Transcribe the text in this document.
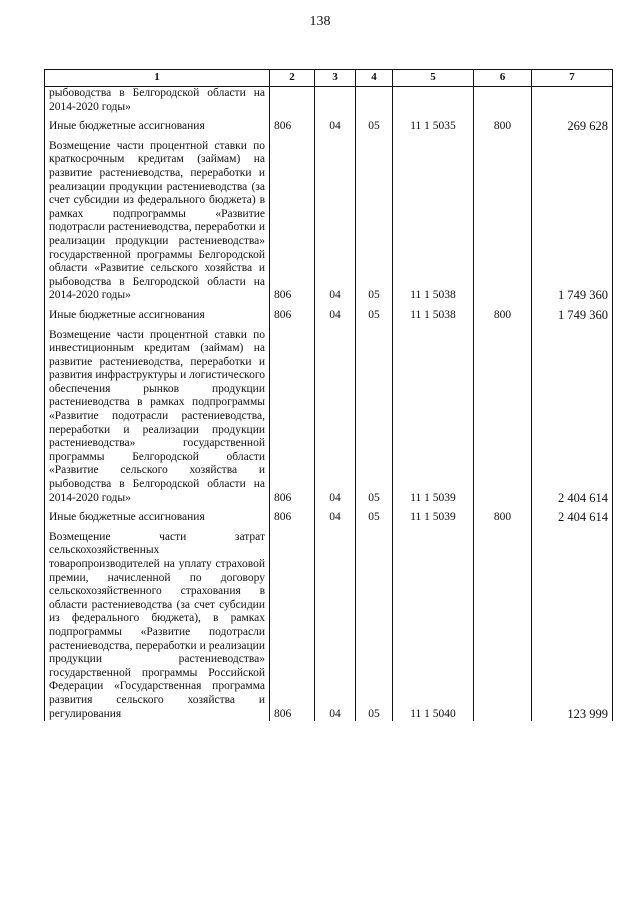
138
1	2	3	4	5	6	7
рыбоводства в Белгородской области на 2014-2020 годы»						

Иные бюджетные ассигнования	806	04	05	11 1 5035	800	269 628

Возмещение части процентной ставки по краткосрочным кредитам (займам) на развитие растениеводства, переработки и реализации продукции растениеводства (за счет субсидии из федерального бюджета) в рамках подпрограммы «Развитие подотрасли растениеводства, переработки и реализации продукции растениеводства» государственной программы Белгородской области «Развитие сельского хозяйства и рыбоводства в Белгородской области на 2014-2020 годы»	806	04	05	11 1 5038		1 749 360

Иные бюджетные ассигнования	806	04	05	11 1 5038	800	1 749 360

Возмещение части процентной ставки по инвестиционным кредитам (займам) на развитие растениеводства, переработки и развития инфраструктуры и логистического обеспечения рынков продукции растениеводства в рамках подпрограммы «Развитие подотрасли растениеводства, переработки и реализации продукции растениеводства» государственной программы Белгородской области «Развитие сельского хозяйства и рыбоводства в Белгородской области на 2014-2020 годы»	806	04	05	11 1 5039		2 404 614

Иные бюджетные ассигнования	806	04	05	11 1 5039	800	2 404 614

Возмещение части затрат сельскохозяйственных товаропроизводителей на уплату страховой премии, начисленной по договору сельскохозяйственного страхования в области растениеводства (за счет субсидии из федерального бюджета), в рамках подпрограммы «Развитие подотрасли растениеводства, переработки и реализации продукции растениеводства» государственной программы Российской Федерации «Государственная программа развития сельского хозяйства и регулирования	806	04	05	11 1 5040		123 999
